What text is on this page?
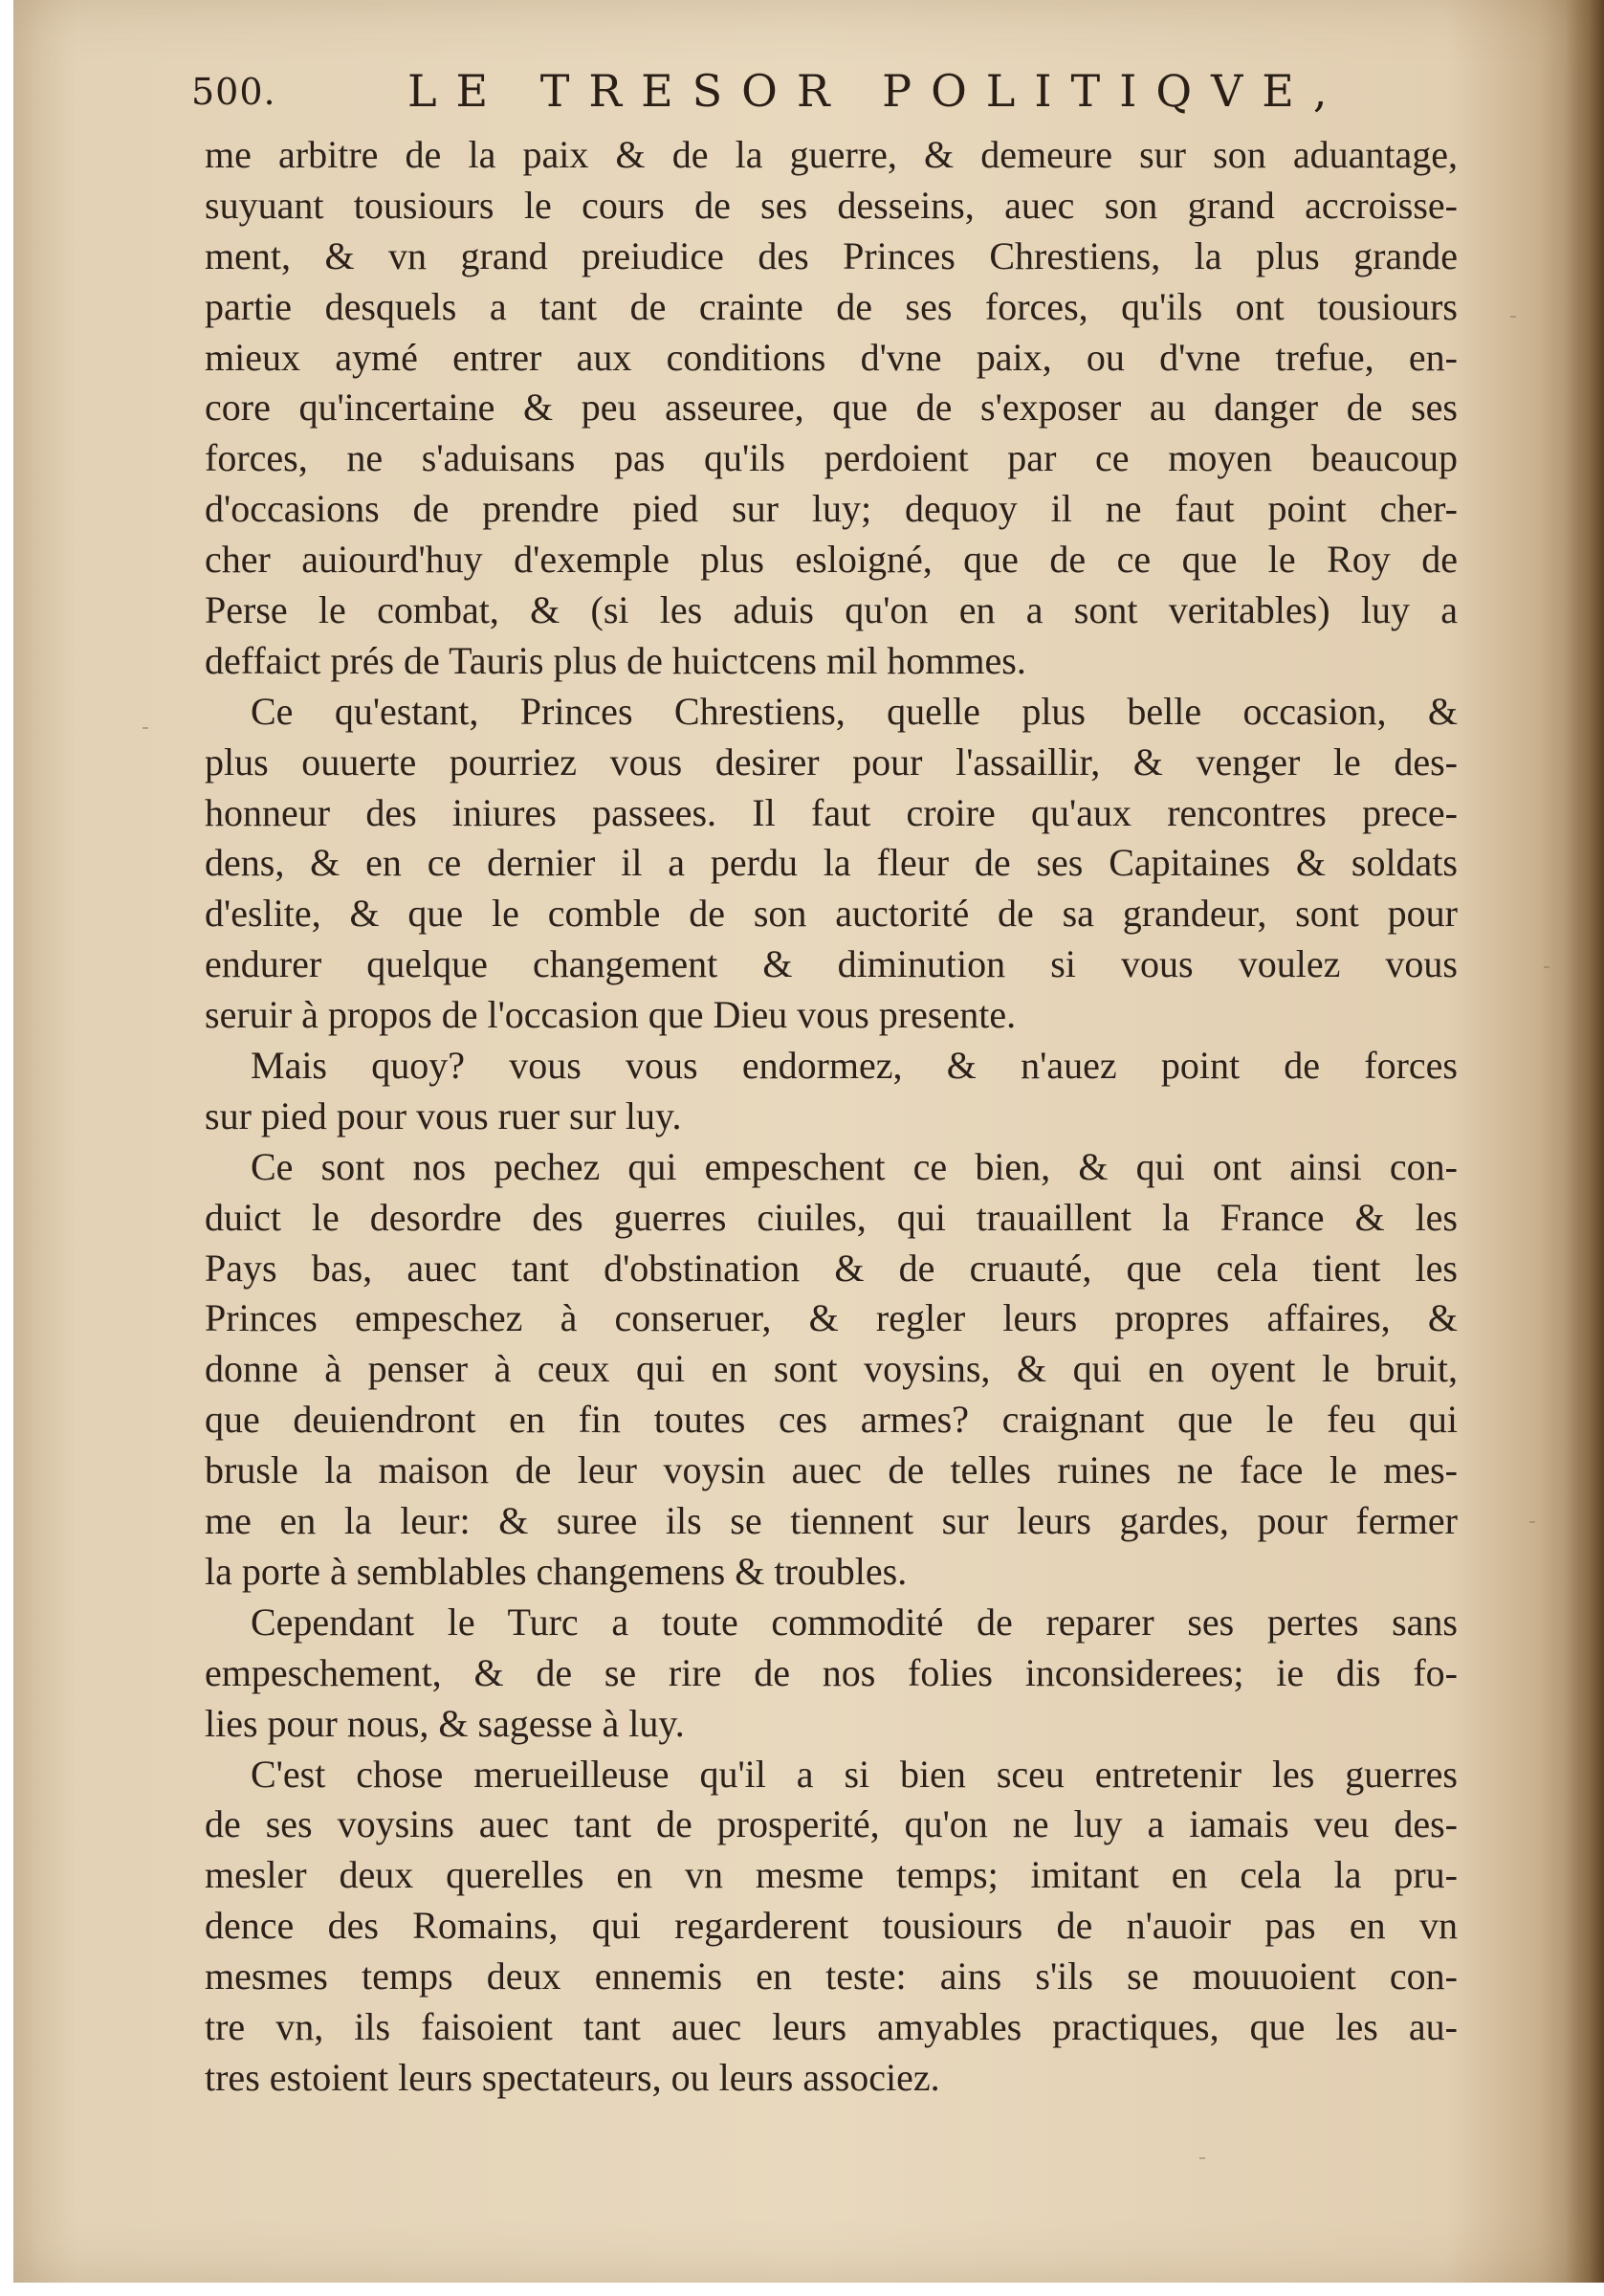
500.	LE TRESOR POLITIQVE,
me arbitre de la paix & de la guerre, & demeure sur son aduantage,
suyuant tousiours le cours de ses desseins, auec son grand accroisse-
ment, & vn grand preiudice des Princes Chrestiens, la plus grande
partie desquels a tant de crainte de ses forces, qu'ils ont tousiours
mieux aymé entrer aux conditions d'vne paix, ou d'vne trefue, en-
core qu'incertaine & peu asseuree, que de s'exposer au danger de ses
forces, ne s'aduisans pas qu'ils perdoient par ce moyen beaucoup
d'occasions de prendre pied sur luy; dequoy il ne faut point cher-
cher auiourd'huy d'exemple plus esloigné, que de ce que le Roy de
Perse le combat, & (si les aduis qu'on en a sont veritables) luy a
deffaict prés de Tauris plus de huictcens mil hommes.
Ce qu'estant, Princes Chrestiens, quelle plus belle occasion, &
plus ouuerte pourriez vous desirer pour l'assaillir, & venger le des-
honneur des iniures passees. Il faut croire qu'aux rencontres prece-
dens, & en ce dernier il a perdu la fleur de ses Capitaines & soldats
d'eslite, & que le comble de son auctorité de sa grandeur, sont pour
endurer quelque changement & diminution si vous voulez vous
seruir à propos de l'occasion que Dieu vous presente.
Mais quoy? vous vous endormez, & n'auez point de forces
sur pied pour vous ruer sur luy.
Ce sont nos pechez qui empeschent ce bien, & qui ont ainsi con-
duict le desordre des guerres ciuiles, qui trauaillent la France & les
Pays bas, auec tant d'obstination & de cruauté, que cela tient les
Princes empeschez à conseruer, & regler leurs propres affaires, &
donne à penser à ceux qui en sont voysins, & qui en oyent le bruit,
que deuiendront en fin toutes ces armes? craignant que le feu qui
brusle la maison de leur voysin auec de telles ruines ne face le mes-
me en la leur: & suree ils se tiennent sur leurs gardes, pour fermer
la porte à semblables changemens & troubles.
Cependant le Turc a toute commodité de reparer ses pertes sans
empeschement, & de se rire de nos folies inconsiderees; ie dis fo-
lies pour nous, & sagesse à luy.
C'est chose merueilleuse qu'il a si bien sceu entretenir les guerres
de ses voysins auec tant de prosperité, qu'on ne luy a iamais veu des-
mesler deux querelles en vn mesme temps; imitant en cela la pru-
dence des Romains, qui regarderent tousiours de n'auoir pas en vn
mesmes temps deux ennemis en teste: ains s'ils se mouuoient con-
tre vn, ils faisoient tant auec leurs amyables practiques, que les au-
tres estoient leurs spectateurs, ou leurs associez.
